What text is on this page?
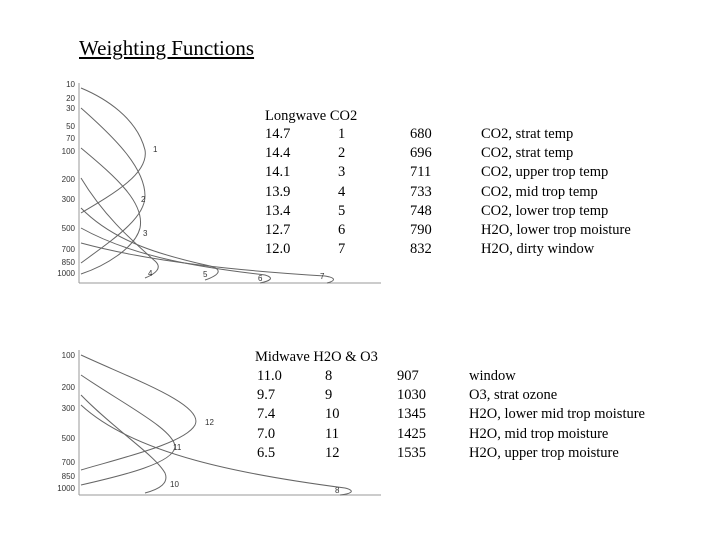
Weighting Functions
10
20
30
50
70
100
200
300
500
700
850
1000
1
2
3
4	5	6	7
100
200
300
500
700
850
1000
12
11
10
8
Longwave CO2
14.7	1	680	CO2, strat temp
14.4	2	696	CO2, strat temp
14.1	3	711	CO2, upper trop temp
13.9	4	733	CO2, mid trop temp
13.4	5	748	CO2, lower trop temp
12.7	6	790	H2O, lower trop moisture
12.0	7	832	H2O, dirty window
Midwave H2O & O3
11.0	8	907	window
9.7	9	1030	O3, strat ozone
7.4	10	1345	H2O, lower mid trop moisture
7.0	11	1425	H2O, mid trop moisture
6.5	12	1535	H2O, upper trop moisture
